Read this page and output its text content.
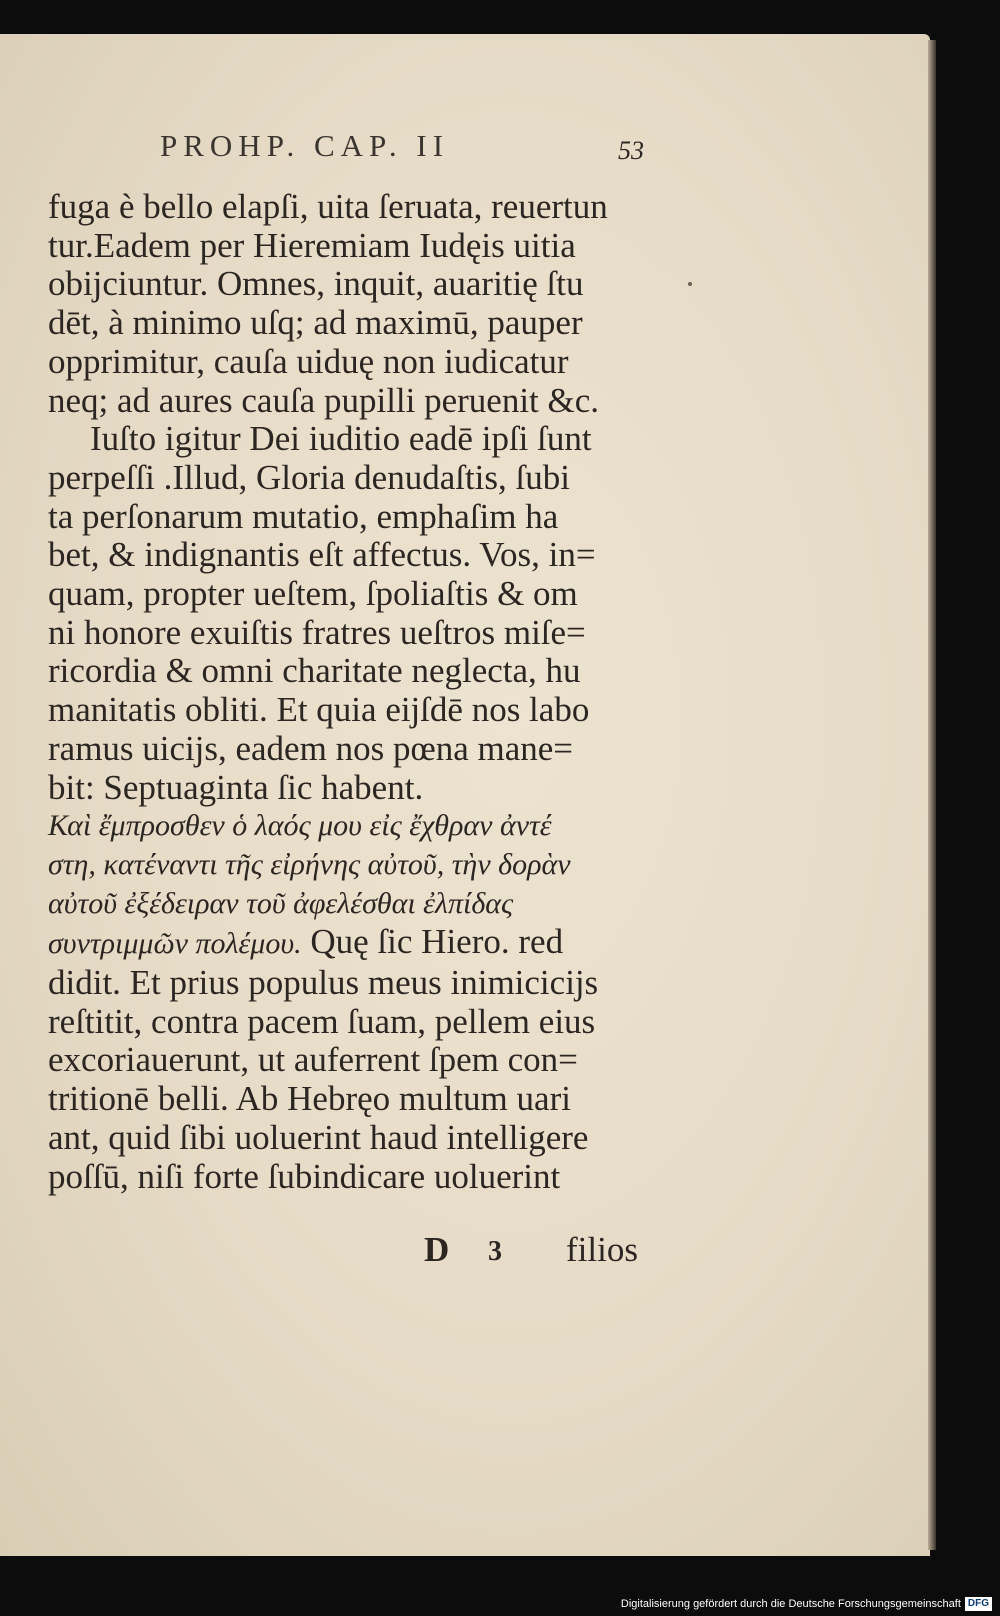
PROHP. CAP. II	53
fuga è bello elapſi, uita ſeruata, reuertun
tur.Eadem per Hieremiam Iudęis uitia
obĳciuntur. Omnes, inquit, auaritię ſtu
dēt, à minimo uſq; ad maximū, pauper
opprimitur, cauſa uiduę non iudicatur
neq; ad aures cauſa pupilli peruenit &c.
Iuſto igitur Dei iuditio eadē ipſi ſunt
perpeſſi .Illud, Gloria denudaſtis, ſubi
ta perſonarum mutatio, emphaſim ha
bet, & indignantis eſt affectus. Vos, in=
quam, propter ueſtem, ſpoliaſtis & om
ni honore exuiſtis fratres ueſtros miſe=
ricordia & omni charitate neglecta, hu
manitatis obliti. Et quia eĳſdē nos labo
ramus uicĳs, eadem nos pœna mane=
bit: Septuaginta ſic habent.
Καὶ ἔμπροσθεν ὁ λαός μου εἰς ἔχθραν ἀντέ
στη, κατέναντι τῆς εἰρήνης αὐτοῦ, τὴν δορὰν
αὐτοῦ ἐξέδειραν τοῦ ἀφελέσθαι ἐλπίδας
συντριμμῶν πολέμου. Quę ſic Hiero. red
didit. Et prius populus meus inimicicĳs
reſtitit, contra pacem ſuam, pellem eius
excoriauerunt, ut auferrent ſpem con=
tritionē belli. Ab Hebręo multum uari
ant, quid ſibi uoluerint haud intelligere
poſſū, niſi forte ſubindicare uoluerint
D 3 filios
Digitalisierung gefördert durch die Deutsche Forschungsgemeinschaft DFG
